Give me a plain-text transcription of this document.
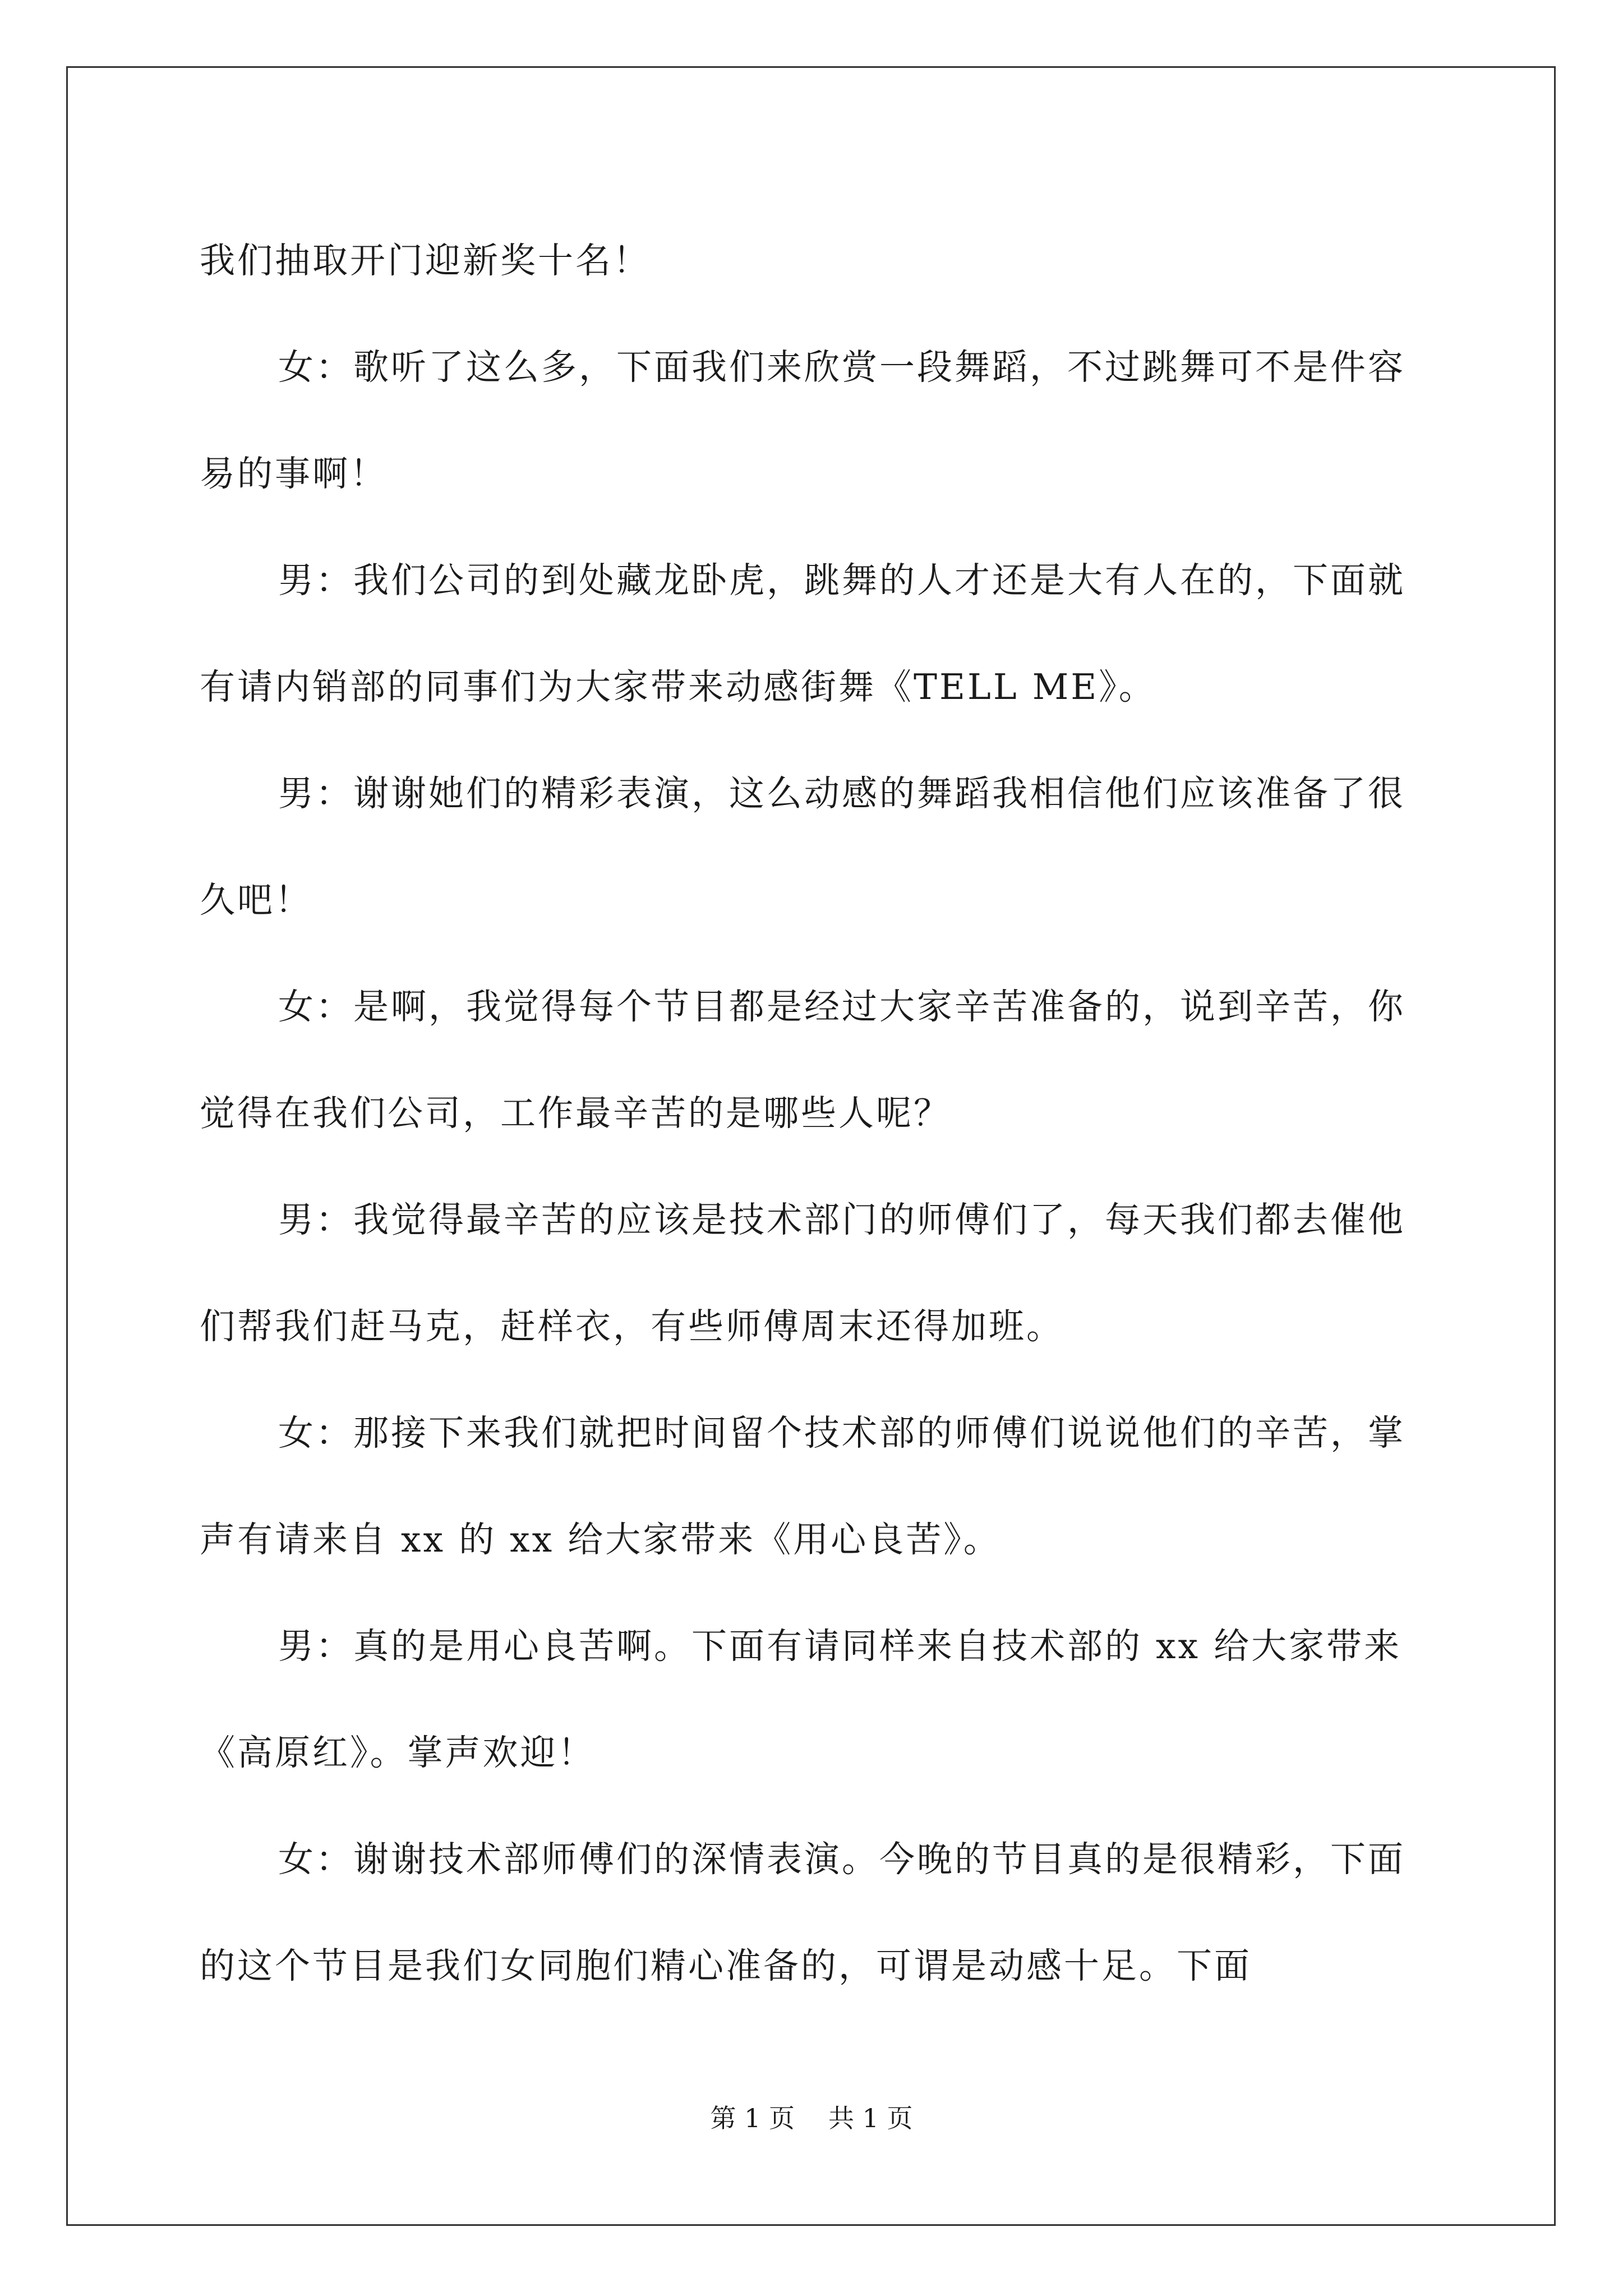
我们抽取开门迎新奖十名！

女：歌听了这么多，下面我们来欣赏一段舞蹈，不过跳舞可不是件容易的事啊！

男：我们公司的到处藏龙卧虎，跳舞的人才还是大有人在的，下面就有请内销部的同事们为大家带来动感街舞《TELL ME》。

男：谢谢她们的精彩表演，这么动感的舞蹈我相信他们应该准备了很久吧！

女：是啊，我觉得每个节目都是经过大家辛苦准备的，说到辛苦，你觉得在我们公司，工作最辛苦的是哪些人呢？

男：我觉得最辛苦的应该是技术部门的师傅们了，每天我们都去催他们帮我们赶马克，赶样衣，有些师傅周末还得加班。

女：那接下来我们就把时间留个技术部的师傅们说说他们的辛苦，掌声有请来自 xx 的 xx 给大家带来《用心良苦》。

男：真的是用心良苦啊。下面有请同样来自技术部的 xx 给大家带来《高原红》。掌声欢迎！

女：谢谢技术部师傅们的深情表演。今晚的节目真的是很精彩，下面的这个节目是我们女同胞们精心准备的，可谓是动感十足。下面

第 1 页 共 1 页
